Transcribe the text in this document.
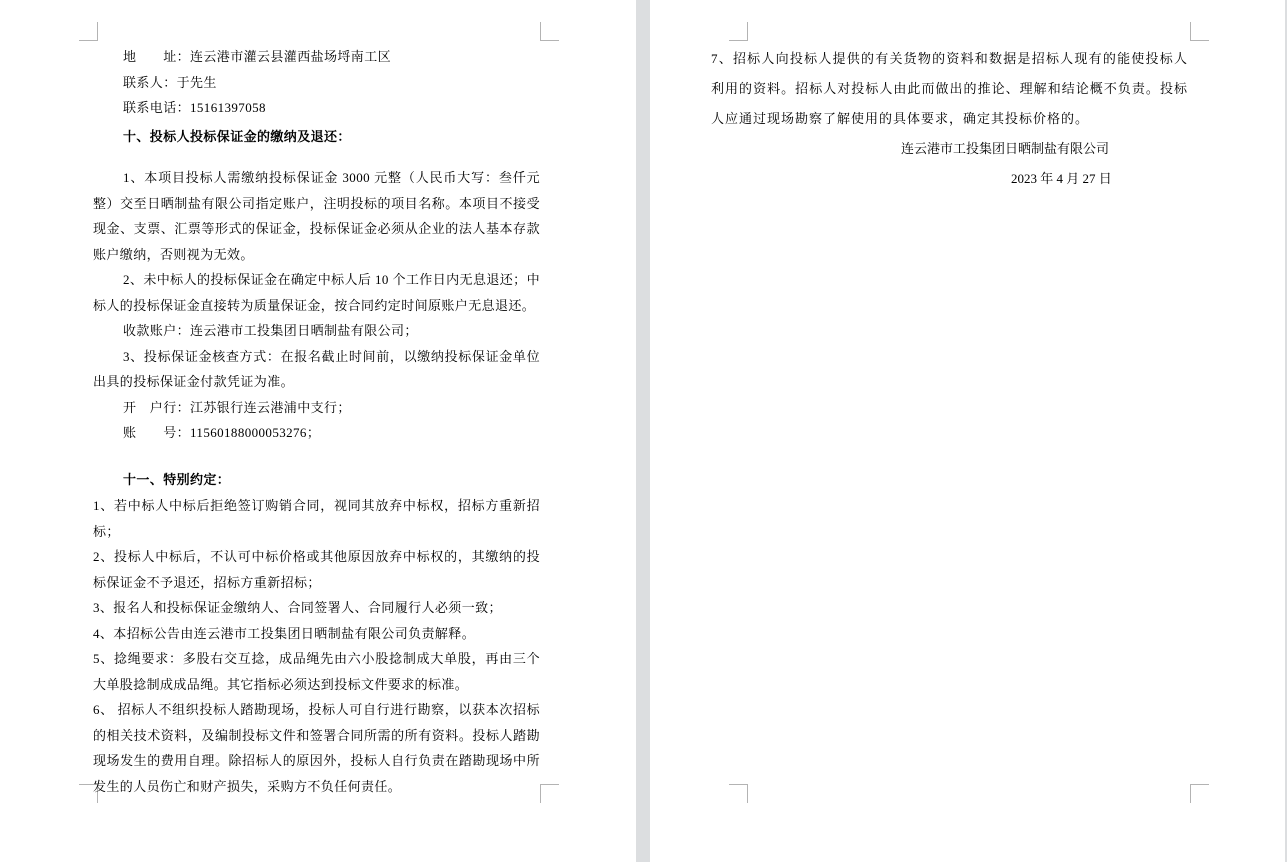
地　　址：连云港市灌云县灌西盐场埒南工区

联系人：于先生

联系电话：15161397058

十、投标人投标保证金的缴纳及退还：

1、本项目投标人需缴纳投标保证金 3000 元整（人民币大写：叁仟元整）交至日晒制盐有限公司指定账户，注明投标的项目名称。本项目不接受现金、支票、汇票等形式的保证金，投标保证金必须从企业的法人基本存款账户缴纳，否则视为无效。

2、未中标人的投标保证金在确定中标人后 10 个工作日内无息退还；中标人的投标保证金直接转为质量保证金，按合同约定时间原账户无息退还。

收款账户：连云港市工投集团日晒制盐有限公司；

3、投标保证金核查方式：在报名截止时间前，以缴纳投标保证金单位出具的投标保证金付款凭证为准。

开　户行：江苏银行连云港浦中支行；

账　　号：11560188000053276；

十一、特别约定：

1、若中标人中标后拒绝签订购销合同，视同其放弃中标权，招标方重新招标；

2、投标人中标后，不认可中标价格或其他原因放弃中标权的，其缴纳的投标保证金不予退还，招标方重新招标；

3、报名人和投标保证金缴纳人、合同签署人、合同履行人必须一致；

4、本招标公告由连云港市工投集团日晒制盐有限公司负责解释。

5、捻绳要求：多股右交互捻，成品绳先由六小股捻制成大单股，再由三个大单股捻制成成品绳。其它指标必须达到投标文件要求的标准。

6、 招标人不组织投标人踏勘现场，投标人可自行进行勘察，以获本次招标的相关技术资料，及编制投标文件和签署合同所需的所有资料。投标人踏勘现场发生的费用自理。除招标人的原因外，投标人自行负责在踏勘现场中所发生的人员伤亡和财产损失，采购方不负任何责任。

7、招标人向投标人提供的有关货物的资料和数据是招标人现有的能使投标人利用的资料。招标人对投标人由此而做出的推论、理解和结论概不负责。投标人应通过现场勘察了解使用的具体要求，确定其投标价格的。

连云港市工投集团日晒制盐有限公司

2023 年 4 月 27 日
